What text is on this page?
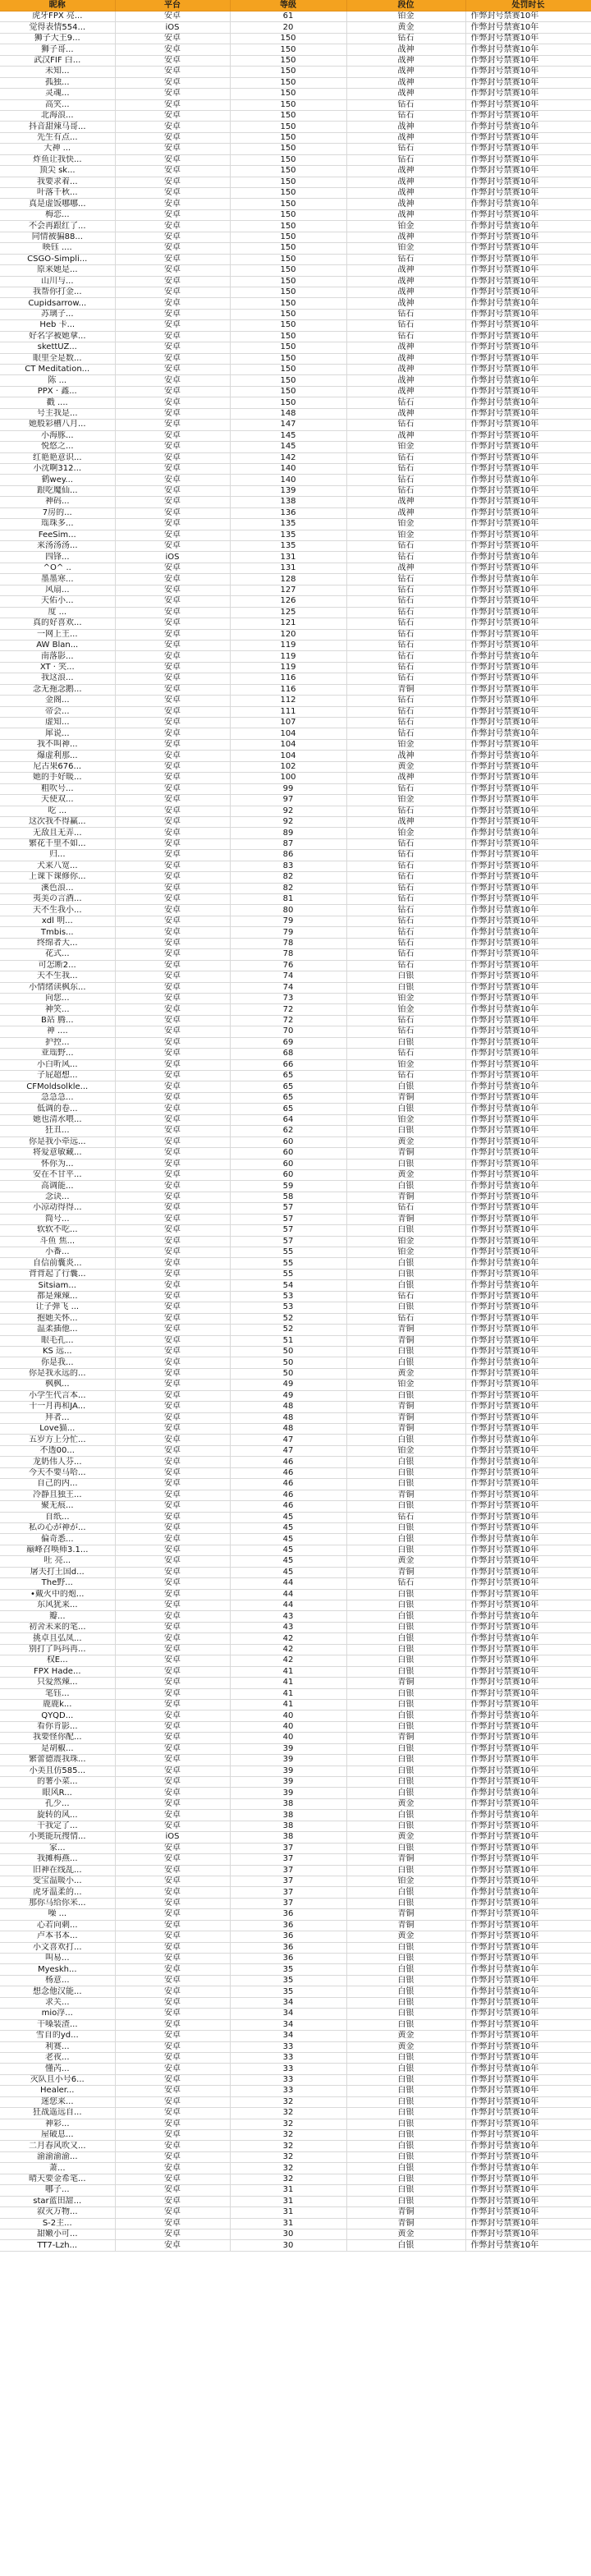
昵称	平台	等级	段位	处罚时长
虎牙FPX 亮...	安卓	61	铂金	作弊封号禁赛10年
觉得表情554...	iOS	20	黄金	作弊封号禁赛10年
狮子大王9...	安卓	150	钻石	作弊封号禁赛10年
狮子哥...	安卓	150	战神	作弊封号禁赛10年
武汉FIF 白...	安卓	150	战神	作弊封号禁赛10年
未知...	安卓	150	战神	作弊封号禁赛10年
孤独...	安卓	150	战神	作弊封号禁赛10年
灵魂...	安卓	150	战神	作弊封号禁赛10年
高笑...	安卓	150	钻石	作弊封号禁赛10年
北海浪...	安卓	150	钻石	作弊封号禁赛10年
抖音甜辣马哥...	安卓	150	战神	作弊封号禁赛10年
先生有点...	安卓	150	战神	作弊封号禁赛10年
大神 ...	安卓	150	钻石	作弊封号禁赛10年
炸鱼让我快...	安卓	150	钻石	作弊封号禁赛10年
顶尖 sk...	安卓	150	战神	作弊封号禁赛10年
我要求着...	安卓	150	战神	作弊封号禁赛10年
叶落千秋...	安卓	150	战神	作弊封号禁赛10年
真是虚饭哪哪...	安卓	150	战神	作弊封号禁赛10年
梅恋...	安卓	150	战神	作弊封号禁赛10年
不会再跟红了...	安卓	150	铂金	作弊封号禁赛10年
同情被骗88...	安卓	150	战神	作弊封号禁赛10年
映钰 ....	安卓	150	铂金	作弊封号禁赛10年
CSGO-Simpli...	安卓	150	钻石	作弊封号禁赛10年
原来她是...	安卓	150	战神	作弊封号禁赛10年
山川与...	安卓	150	战神	作弊封号禁赛10年
我帮你打金...	安卓	150	战神	作弊封号禁赛10年
Cupidsarrow...	安卓	150	战神	作弊封号禁赛10年
苏璃子...	安卓	150	钻石	作弊封号禁赛10年
Heb 卡...	安卓	150	钻石	作弊封号禁赛10年
好名字被她拿...	安卓	150	钻石	作弊封号禁赛10年
skettUZ...	安卓	150	战神	作弊封号禁赛10年
眼里全是数...	安卓	150	战神	作弊封号禁赛10年
CT Meditation...	安卓	150	战神	作弊封号禁赛10年
陈 ...	安卓	150	战神	作弊封号禁赛10年
PPX · 鑫...	安卓	150	战神	作弊封号禁赛10年
戳 ....	安卓	150	钻石	作弊封号禁赛10年
号主我是...	安卓	148	战神	作弊封号禁赛10年
她般彩槽八月...	安卓	147	钻石	作弊封号禁赛10年
小海豚...	安卓	145	战神	作弊封号禁赛10年
悦悠之...	安卓	145	铂金	作弊封号禁赛10年
红艳艳意识...	安卓	142	钻石	作弊封号禁赛10年
小沈啊312...	安卓	140	钻石	作弊封号禁赛10年
鹤wey...	安卓	140	钻石	作弊封号禁赛10年
跟吃魔仙...	安卓	139	钻石	作弊封号禁赛10年
神码...	安卓	138	战神	作弊封号禁赛10年
7房的...	安卓	136	战神	作弊封号禁赛10年
瑶珠多...	安卓	135	铂金	作弊封号禁赛10年
FeeSim...	安卓	135	铂金	作弊封号禁赛10年
来汤汤汤...	安卓	135	钻石	作弊封号禁赛10年
四锋...	iOS	131	钻石	作弊封号禁赛10年
^O^ ..	安卓	131	战神	作弊封号禁赛10年
墨墨寒...	安卓	128	钻石	作弊封号禁赛10年
风扇...	安卓	127	钻石	作弊封号禁赛10年
天佑小...	安卓	126	钻石	作弊封号禁赛10年
度 ...	安卓	125	钻石	作弊封号禁赛10年
真的好喜欢...	安卓	121	钻石	作弊封号禁赛10年
一网上王...	安卓	120	钻石	作弊封号禁赛10年
AW Blan...	安卓	119	钻石	作弊封号禁赛10年
南落影...	安卓	119	钻石	作弊封号禁赛10年
XT · 笑...	安卓	119	钻石	作弊封号禁赛10年
我这浪...	安卓	116	钻石	作弊封号禁赛10年
念无拖念鹅...	安卓	116	青铜	作弊封号禁赛10年
金阁...	安卓	112	钻石	作弊封号禁赛10年
帝会...	安卓	111	钻石	作弊封号禁赛10年
虚知...	安卓	107	钻石	作弊封号禁赛10年
犀说...	安卓	104	钻石	作弊封号禁赛10年
我不叫神...	安卓	104	铂金	作弊封号禁赛10年
爆虚利那...	安卓	104	战神	作弊封号禁赛10年
尼古果676...	安卓	102	黄金	作弊封号禁赛10年
她的手好暖...	安卓	100	战神	作弊封号禁赛10年
粗吹号...	安卓	99	钻石	作弊封号禁赛10年
天使双...	安卓	97	铂金	作弊封号禁赛10年
吃 ...	安卓	92	钻石	作弊封号禁赛10年
这次我不得赢...	安卓	92	战神	作弊封号禁赛10年
无敌且无弄...	安卓	89	铂金	作弊封号禁赛10年
繁花千里不如...	安卓	87	钻石	作弊封号禁赛10年
归...	安卓	86	钻石	作弊封号禁赛10年
犬来八宽...	安卓	83	钻石	作弊封号禁赛10年
上课下课修你...	安卓	82	钻石	作弊封号禁赛10年
溪色浪...	安卓	82	钻石	作弊封号禁赛10年
夷美の言酒...	安卓	81	钻石	作弊封号禁赛10年
天不生我小...	安卓	80	钻石	作弊封号禁赛10年
xdl 明...	安卓	79	钻石	作弊封号禁赛10年
Tmbis...	安卓	79	钻石	作弊封号禁赛10年
终绵者大...	安卓	78	钻石	作弊封号禁赛10年
花式...	安卓	78	钻石	作弊封号禁赛10年
可怎断2...	安卓	76	钻石	作弊封号禁赛10年
天不生我...	安卓	74	白银	作弊封号禁赛10年
小情绪读枫东...	安卓	74	白银	作弊封号禁赛10年
向您...	安卓	73	铂金	作弊封号禁赛10年
神笑...	安卓	72	铂金	作弊封号禁赛10年
B站 腾...	安卓	72	钻石	作弊封号禁赛10年
神 ....	安卓	70	钻石	作弊封号禁赛10年
护控...	安卓	69	白银	作弊封号禁赛10年
亚瑶野...	安卓	68	钻石	作弊封号禁赛10年
小白听风...	安卓	66	铂金	作弊封号禁赛10年
子屁超想...	安卓	65	钻石	作弊封号禁赛10年
CFMoldsolkle...	安卓	65	白银	作弊封号禁赛10年
急急急...	安卓	65	青铜	作弊封号禁赛10年
低调的卷...	安卓	65	白银	作弊封号禁赛10年
她也清水喂...	安卓	64	铂金	作弊封号禁赛10年
狂丑...	安卓	62	白银	作弊封号禁赛10年
你是我小牵远...	安卓	60	黄金	作弊封号禁赛10年
将爱意敏藏...	安卓	60	青铜	作弊封号禁赛10年
怀你为...	安卓	60	白银	作弊封号禁赛10年
安在不甘平...	安卓	60	黄金	作弊封号禁赛10年
高调能...	安卓	59	白银	作弊封号禁赛10年
念诀...	安卓	58	青铜	作弊封号禁赛10年
小凉动得得...	安卓	57	钻石	作弊封号禁赛10年
简号...	安卓	57	青铜	作弊封号禁赛10年
软软不吃...	安卓	57	白银	作弊封号禁赛10年
斗鱼 焦...	安卓	57	铂金	作弊封号禁赛10年
小番...	安卓	55	铂金	作弊封号禁赛10年
自信前囊炎...	安卓	55	白银	作弊封号禁赛10年
背背起了行囊...	安卓	55	白银	作弊封号禁赛10年
Sitsiam...	安卓	54	白银	作弊封号禁赛10年
都是辣辣...	安卓	53	钻石	作弊封号禁赛10年
让子弹飞 ...	安卓	53	白银	作弊封号禁赛10年
抱她关怀...	安卓	52	钻石	作弊封号禁赛10年
温柔插他...	安卓	52	青铜	作弊封号禁赛10年
眼毛孔...	安卓	51	青铜	作弊封号禁赛10年
KS 远...	安卓	50	白银	作弊封号禁赛10年
你是我...	安卓	50	白银	作弊封号禁赛10年
你是我永远的...	安卓	50	黄金	作弊封号禁赛10年
枫枫...	安卓	49	铂金	作弊封号禁赛10年
小学生代言本...	安卓	49	白银	作弊封号禁赛10年
十一月再和JA...	安卓	48	青铜	作弊封号禁赛10年
拜者...	安卓	48	青铜	作弊封号禁赛10年
Love猫...	安卓	48	青铜	作弊封号禁赛10年
五岁方上分忙...	安卓	47	白银	作弊封号禁赛10年
不透00...	安卓	47	铂金	作弊封号禁赛10年
龙奶伟人芬...	安卓	46	白银	作弊封号禁赛10年
今天不要马哈...	安卓	46	白银	作弊封号禁赛10年
自己的内...	安卓	46	白银	作弊封号禁赛10年
冷静且独王...	安卓	46	青铜	作弊封号禁赛10年
聚无痕...	安卓	46	白银	作弊封号禁赛10年
自纸...	安卓	45	钻石	作弊封号禁赛10年
私の心が神が...	安卓	45	白银	作弊封号禁赛10年
偏奇悉...	安卓	45	白银	作弊封号禁赛10年
巅峰召唤师3.1...	安卓	45	白银	作弊封号禁赛10年
吐 亮...	安卓	45	黄金	作弊封号禁赛10年
屠夫打土国d...	安卓	45	青铜	作弊封号禁赛10年
The野...	安卓	44	钻石	作弊封号禁赛10年
•戴火中的炮...	安卓	44	白银	作弊封号禁赛10年
东风犹来...	安卓	44	白银	作弊封号禁赛10年
瓣...	安卓	43	白银	作弊封号禁赛10年
初舍未来的笔...	安卓	43	白银	作弊封号禁赛10年
挑卓且弘凤...	安卓	42	白银	作弊封号禁赛10年
别打了吗玛再...	安卓	42	白银	作弊封号禁赛10年
权E...	安卓	42	白银	作弊封号禁赛10年
FPX Hade...	安卓	41	白银	作弊封号禁赛10年
只爱然辣...	安卓	41	青铜	作弊封号禁赛10年
笔钰...	安卓	41	白银	作弊封号禁赛10年
鹿鹿k...	安卓	41	白银	作弊封号禁赛10年
QYQD...	安卓	40	白银	作弊封号禁赛10年
看你肯影...	安卓	40	白银	作弊封号禁赛10年
我要怪你配...	安卓	40	青铜	作弊封号禁赛10年
是胡椒...	安卓	39	白银	作弊封号禁赛10年
繁蕾德震我珠...	安卓	39	白银	作弊封号禁赛10年
小美且仿585...	安卓	39	白银	作弊封号禁赛10年
的薯小菜...	安卓	39	白银	作弊封号禁赛10年
眼风R...	安卓	39	白银	作弊封号禁赛10年
孔少...	安卓	38	黄金	作弊封号禁赛10年
旋转的风...	安卓	38	白银	作弊封号禁赛10年
干我定了...	安卓	38	白银	作弊封号禁赛10年
小奥能玩搜情...	iOS	38	黄金	作弊封号禁赛10年
家...	安卓	37	白银	作弊封号禁赛10年
我摊梅燕...	安卓	37	青铜	作弊封号禁赛10年
旧神在线乱...	安卓	37	白银	作弊封号禁赛10年
变宝温暖小...	安卓	37	铂金	作弊封号禁赛10年
虎牙温柔的...	安卓	37	白银	作弊封号禁赛10年
那你马给你米...	安卓	37	白银	作弊封号禁赛10年
噪 ...	安卓	36	青铜	作弊封号禁赛10年
心若向刺...	安卓	36	青铜	作弊封号禁赛10年
卢本书本...	安卓	36	黄金	作弊封号禁赛10年
小文喜欢打...	安卓	36	白银	作弊封号禁赛10年
叫易...	安卓	36	白银	作弊封号禁赛10年
Myeskh...	安卓	35	白银	作弊封号禁赛10年
杨意...	安卓	35	白银	作弊封号禁赛10年
想念他汉能...	安卓	35	白银	作弊封号禁赛10年
求关...	安卓	34	白银	作弊封号禁赛10年
mio浮...	安卓	34	白银	作弊封号禁赛10年
干嗓装渣...	安卓	34	白银	作弊封号禁赛10年
雪自的yd...	安卓	34	黄金	作弊封号禁赛10年
利赛...	安卓	33	黄金	作弊封号禁赛10年
老夜...	安卓	33	白银	作弊封号禁赛10年
懂芮...	安卓	33	白银	作弊封号禁赛10年
灭队且小号6...	安卓	33	白银	作弊封号禁赛10年
Healer...	安卓	33	白银	作弊封号禁赛10年
迷您来...	安卓	32	白银	作弊封号禁赛10年
狂战遥远自...	安卓	32	白银	作弊封号禁赛10年
神彩...	安卓	32	白银	作弊封号禁赛10年
屋破息...	安卓	32	白银	作弊封号禁赛10年
二月春风吹又...	安卓	32	白银	作弊封号禁赛10年
渝渝渝渝...	安卓	32	白银	作弊封号禁赛10年
萧...	安卓	32	白银	作弊封号禁赛10年
晴天要金希笔...	安卓	32	白银	作弊封号禁赛10年
哪子...	安卓	31	白银	作弊封号禁赛10年
star蓝田甜...	安卓	31	白银	作弊封号禁赛10年
叙灭万物...	安卓	31	青铜	作弊封号禁赛10年
S-2主...	安卓	31	青铜	作弊封号禁赛10年
甜嫩小可...	安卓	30	黄金	作弊封号禁赛10年
TT7-Lzh...	安卓	30	白银	作弊封号禁赛10年
